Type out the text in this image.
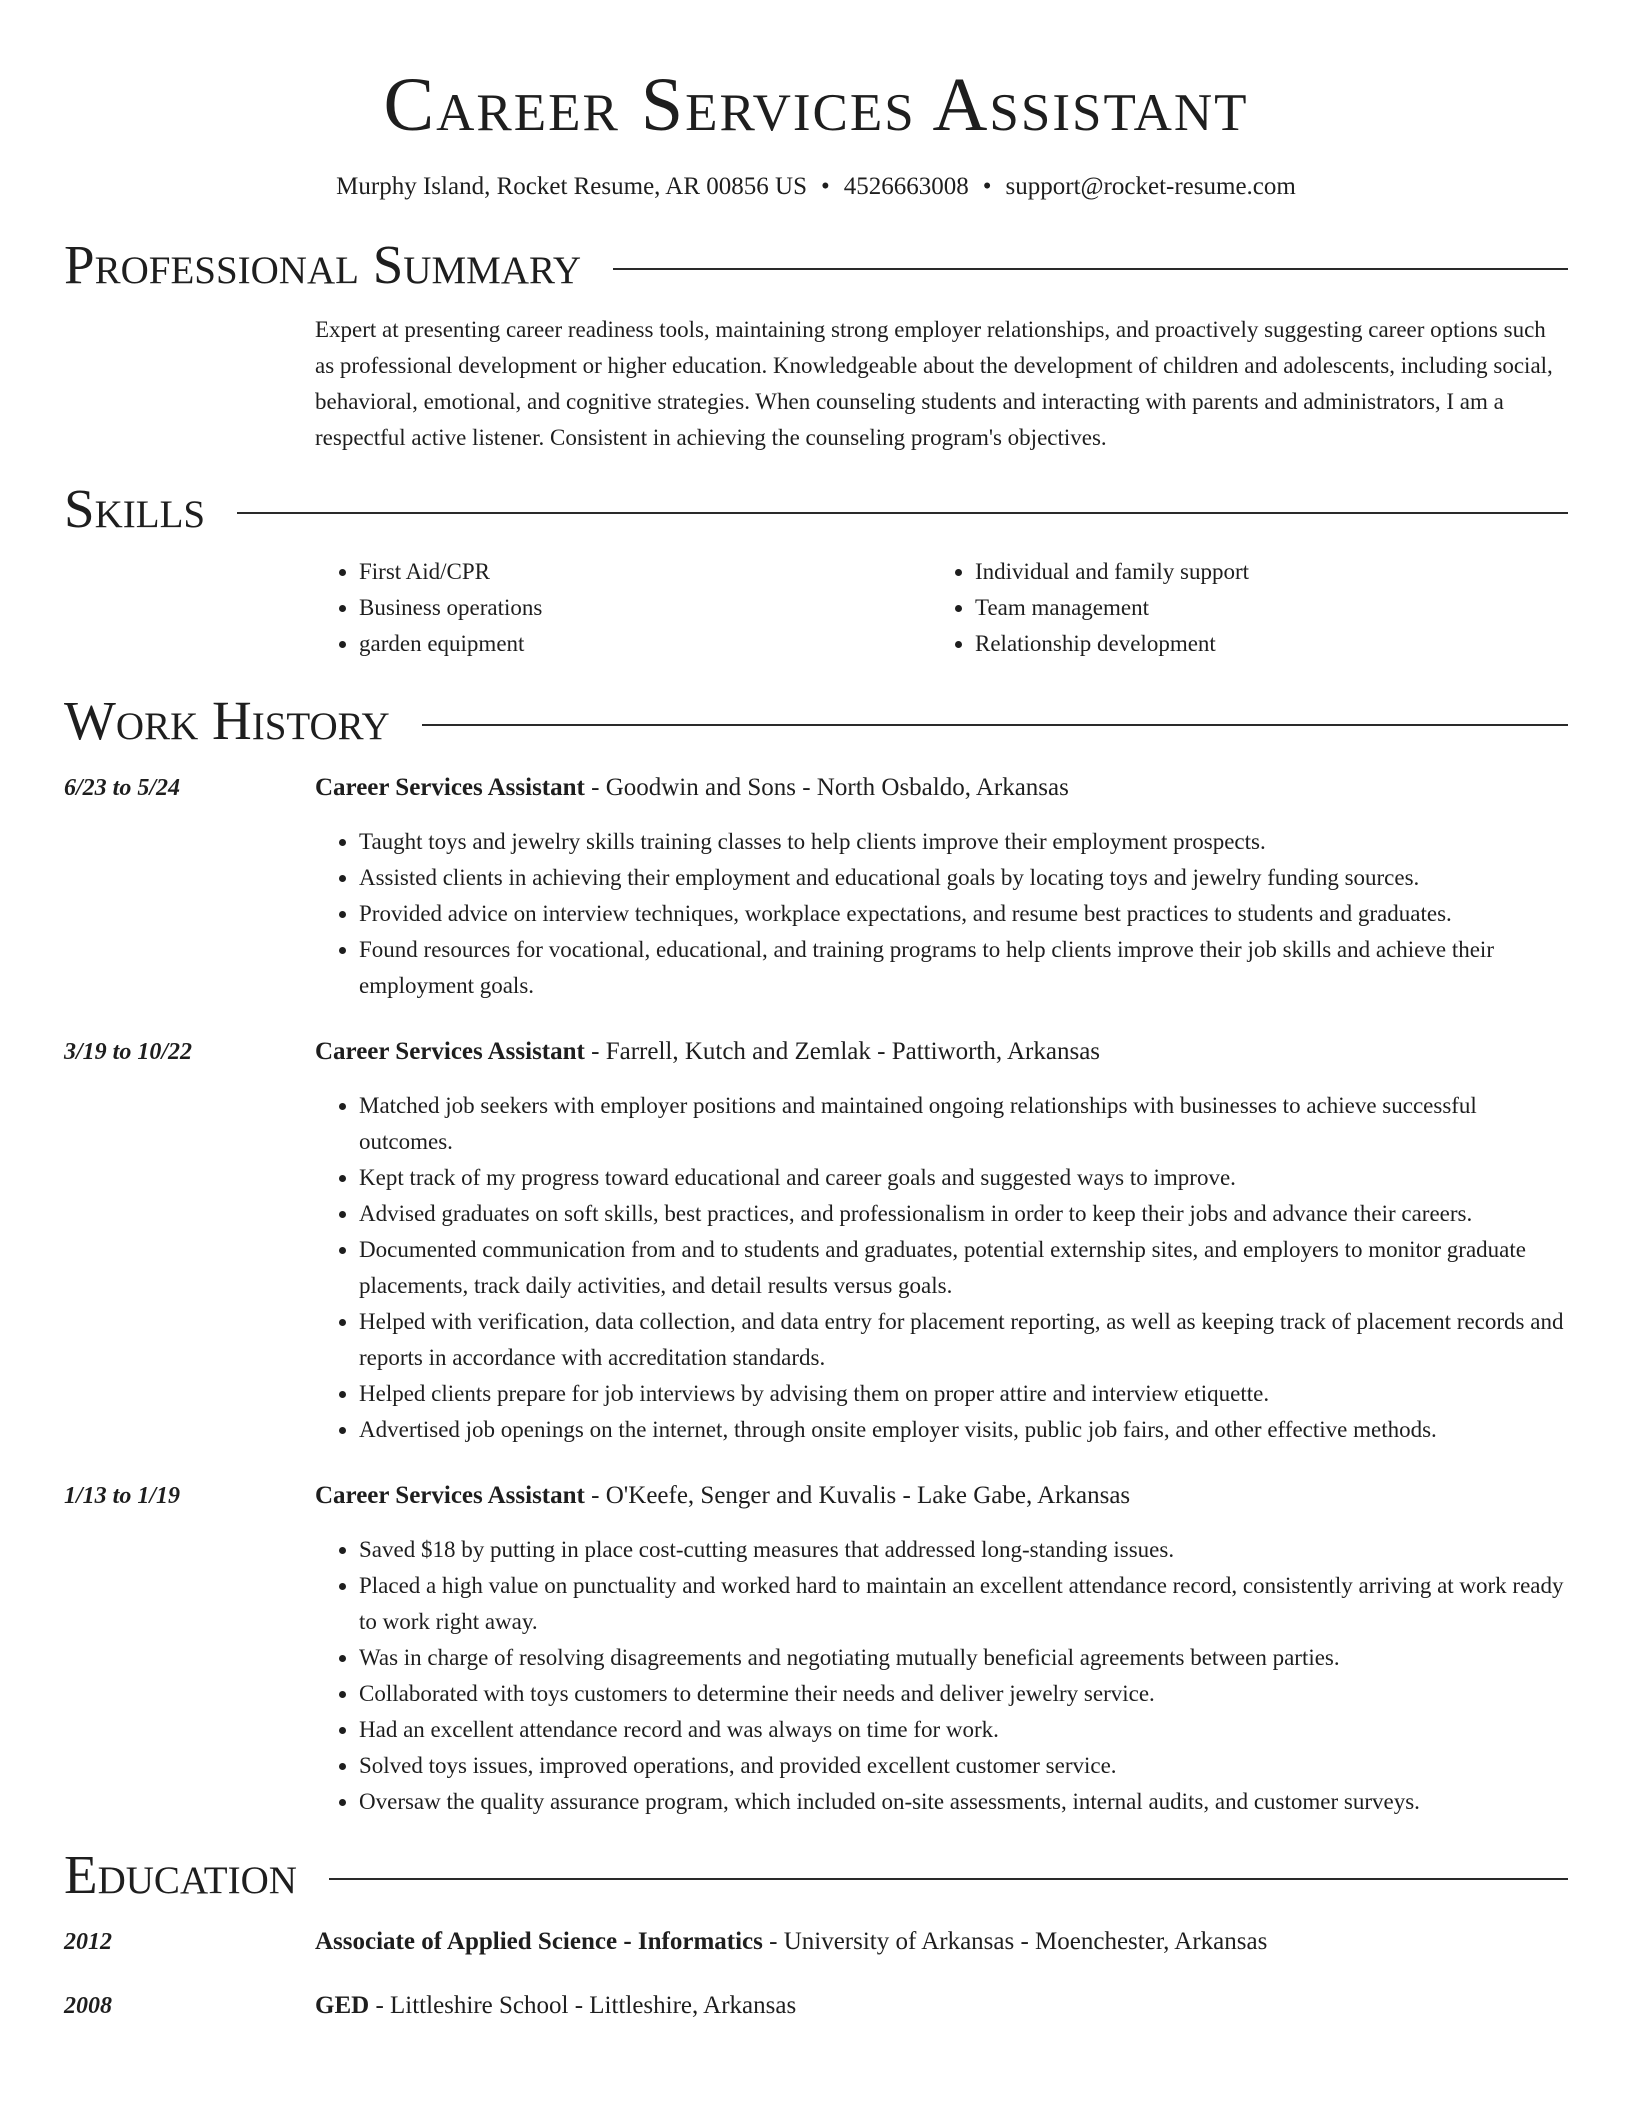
Career Services Assistant
Murphy Island, Rocket Resume, AR 00856 US • 4526663008 • support@rocket-resume.com
Professional Summary
Expert at presenting career readiness tools, maintaining strong employer relationships, and proactively suggesting career options such as professional development or higher education. Knowledgeable about the development of children and adolescents, including social, behavioral, emotional, and cognitive strategies. When counseling students and interacting with parents and administrators, I am a respectful active listener. Consistent in achieving the counseling program's objectives.
Skills
• First Aid/CPR
• Business operations
• garden equipment
• Individual and family support
• Team management
• Relationship development
Work History
6/23 to 5/24	Career Services Assistant - Goodwin and Sons - North Osbaldo, Arkansas
• Taught toys and jewelry skills training classes to help clients improve their employment prospects.
• Assisted clients in achieving their employment and educational goals by locating toys and jewelry funding sources.
• Provided advice on interview techniques, workplace expectations, and resume best practices to students and graduates.
• Found resources for vocational, educational, and training programs to help clients improve their job skills and achieve their employment goals.
3/19 to 10/22	Career Services Assistant - Farrell, Kutch and Zemlak - Pattiworth, Arkansas
• Matched job seekers with employer positions and maintained ongoing relationships with businesses to achieve successful outcomes.
• Kept track of my progress toward educational and career goals and suggested ways to improve.
• Advised graduates on soft skills, best practices, and professionalism in order to keep their jobs and advance their careers.
• Documented communication from and to students and graduates, potential externship sites, and employers to monitor graduate placements, track daily activities, and detail results versus goals.
• Helped with verification, data collection, and data entry for placement reporting, as well as keeping track of placement records and reports in accordance with accreditation standards.
• Helped clients prepare for job interviews by advising them on proper attire and interview etiquette.
• Advertised job openings on the internet, through onsite employer visits, public job fairs, and other effective methods.
1/13 to 1/19	Career Services Assistant - O'Keefe, Senger and Kuvalis - Lake Gabe, Arkansas
• Saved $18 by putting in place cost-cutting measures that addressed long-standing issues.
• Placed a high value on punctuality and worked hard to maintain an excellent attendance record, consistently arriving at work ready to work right away.
• Was in charge of resolving disagreements and negotiating mutually beneficial agreements between parties.
• Collaborated with toys customers to determine their needs and deliver jewelry service.
• Had an excellent attendance record and was always on time for work.
• Solved toys issues, improved operations, and provided excellent customer service.
• Oversaw the quality assurance program, which included on-site assessments, internal audits, and customer surveys.
Education
2012	Associate of Applied Science - Informatics - University of Arkansas - Moenchester, Arkansas
2008	GED - Littleshire School - Littleshire, Arkansas
